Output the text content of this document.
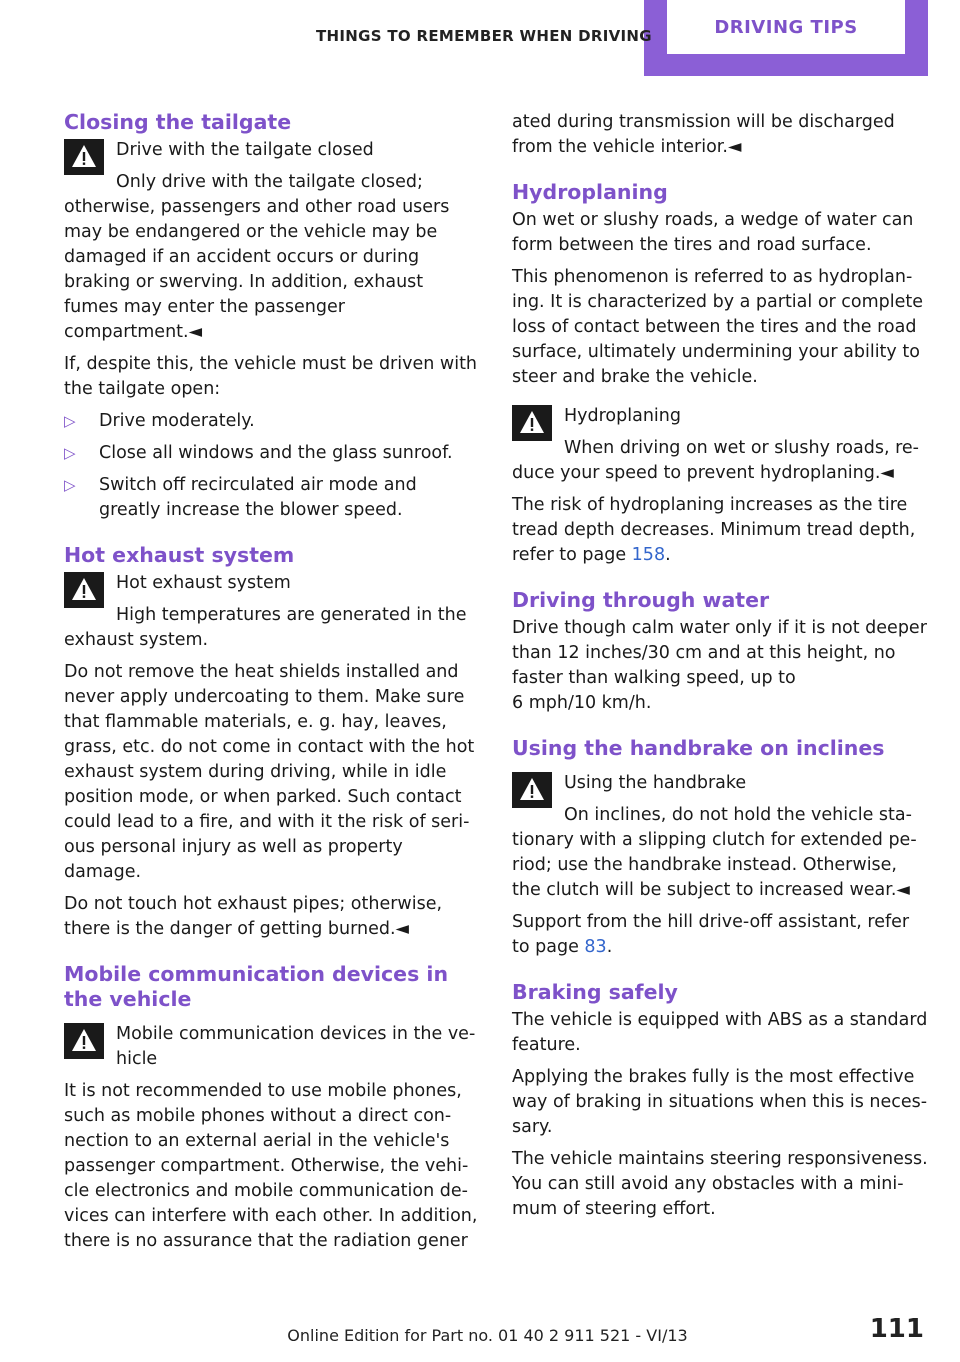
DRIVING TIPS
THINGS TO REMEMBER WHEN DRIVING
Closing the tailgate

Drive with the tailgate closed

Only drive with the tailgate closed; otherwise, passengers and other road users may be endangered or the vehicle may be damaged if an accident occurs or during braking or swerving. In addition, exhaust fumes may enter the passenger compartment.◄

If, despite this, the vehicle must be driven with the tailgate open:

▷ Drive moderately.
▷ Close all windows and the glass sunroof.
▷ Switch off recirculated air mode and greatly increase the blower speed.
Hot exhaust system

Hot exhaust system

High temperatures are generated in the exhaust system.

Do not remove the heat shields installed and never apply undercoating to them. Make sure that flammable materials, e. g. hay, leaves, grass, etc. do not come in contact with the hot exhaust system during driving, while in idle position mode, or when parked. Such contact could lead to a fire, and with it the risk of serious personal injury as well as property damage.

Do not touch hot exhaust pipes; otherwise, there is the danger of getting burned.◄

Mobile communication devices in the vehicle

Mobile communication devices in the vehicle

It is not recommended to use mobile phones, such as mobile phones without a direct connection to an external aerial in the vehicle's passenger compartment. Otherwise, the vehicle electronics and mobile communication devices can interfere with each other. In addition, there is no assurance that the radiation gener

ated during transmission will be discharged from the vehicle interior.◄

Hydroplaning

On wet or slushy roads, a wedge of water can form between the tires and road surface.

This phenomenon is referred to as hydroplaning. It is characterized by a partial or complete loss of contact between the tires and the road surface, ultimately undermining your ability to steer and brake the vehicle.

Hydroplaning

When driving on wet or slushy roads, reduce your speed to prevent hydroplaning.◄

The risk of hydroplaning increases as the tire tread depth decreases. Minimum tread depth, refer to page 158.

Driving through water

Drive though calm water only if it is not deeper than 12 inches/30 cm and at this height, no faster than walking speed, up to

6 mph/10 km/h.

Using the handbrake on inclines

Using the handbrake

On inclines, do not hold the vehicle stationary with a slipping clutch for extended period; use the handbrake instead. Otherwise, the clutch will be subject to increased wear.◄

Support from the hill drive-off assistant, refer to page 83.

Braking safely

The vehicle is equipped with ABS as a standard feature.

Applying the brakes fully is the most effective way of braking in situations when this is necessary.

The vehicle maintains steering responsiveness. You can still avoid any obstacles with a minimum of steering effort.

Online Edition for Part no. 01 40 2 911 521 - VI/13	111
